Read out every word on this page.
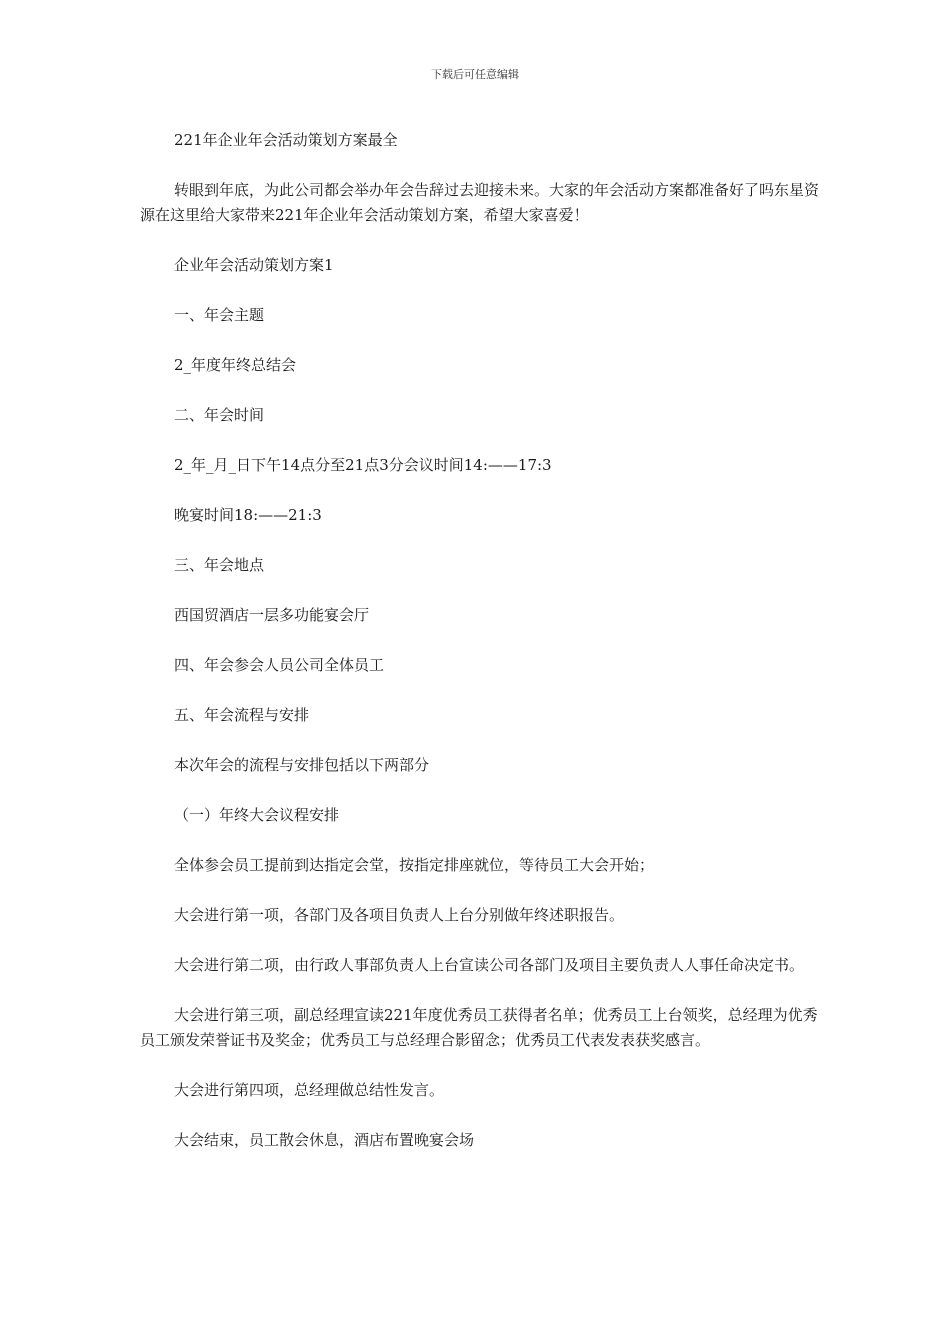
下载后可任意编辑

221年企业年会活动策划方案最全

转眼到年底，为此公司都会举办年会告辞过去迎接未来。大家的年会活动方案都准备好了吗东星资源在这里给大家带来221年企业年会活动策划方案，希望大家喜爱！

企业年会活动策划方案1

一、年会主题

2_年度年终总结会

二、年会时间

2_年_月_日下午14点分至21点3分会议时间14:——17:3

晚宴时间18:——21:3

三、年会地点

西国贸酒店一层多功能宴会厅

四、年会参会人员公司全体员工

五、年会流程与安排

本次年会的流程与安排包括以下两部分

（一）年终大会议程安排

全体参会员工提前到达指定会堂，按指定排座就位，等待员工大会开始；

大会进行第一项，各部门及各项目负责人上台分别做年终述职报告。

大会进行第二项，由行政人事部负责人上台宣读公司各部门及项目主要负责人人事任命决定书。

大会进行第三项，副总经理宣读221年度优秀员工获得者名单；优秀员工上台领奖，总经理为优秀员工颁发荣誉证书及奖金；优秀员工与总经理合影留念；优秀员工代表发表获奖感言。

大会进行第四项，总经理做总结性发言。

大会结束，员工散会休息，酒店布置晚宴会场
